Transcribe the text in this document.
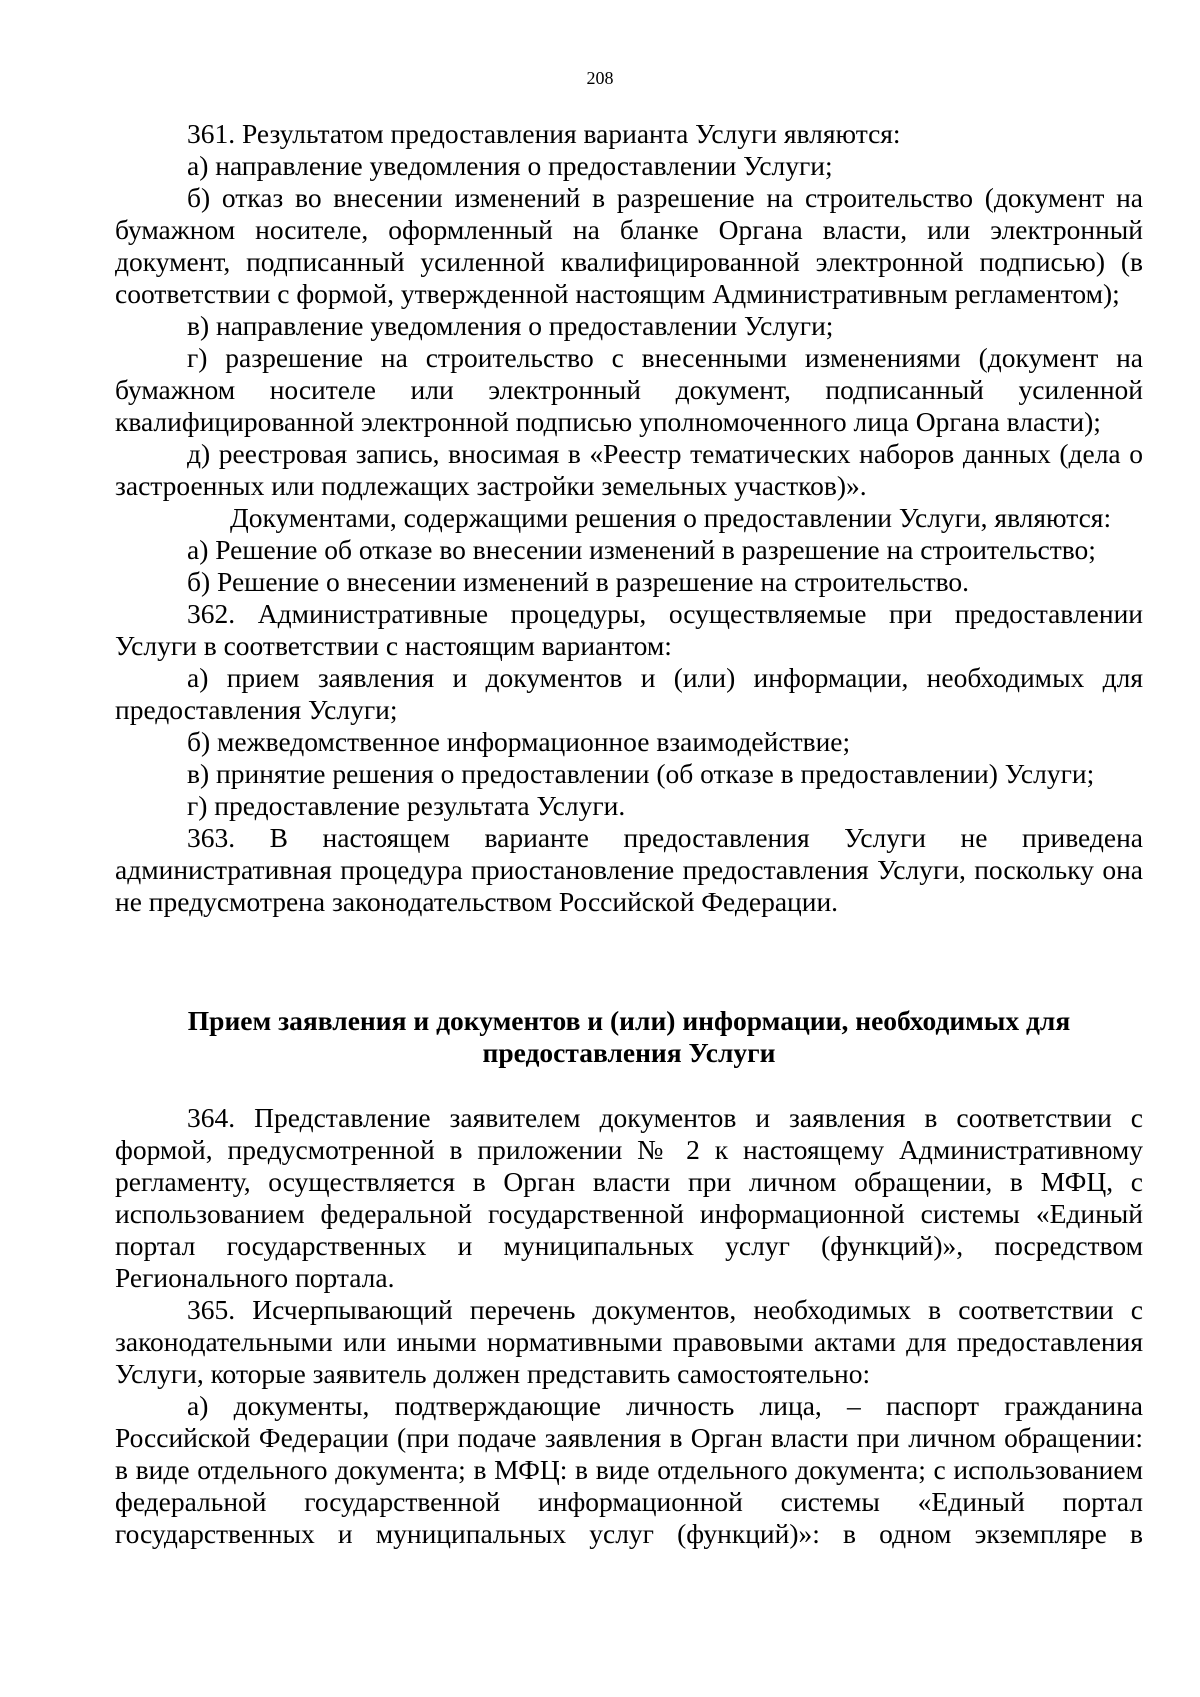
208

361. Результатом предоставления варианта Услуги являются:

а) направление уведомления о предоставлении Услуги;

б) отказ во внесении изменений в разрешение на строительство (документ на бумажном носителе, оформленный на бланке Органа власти, или электронный документ, подписанный усиленной квалифицированной электронной подписью) (в соответствии с формой, утвержденной настоящим Административным регламентом);

в) направление уведомления о предоставлении Услуги;

г) разрешение на строительство с внесенными изменениями (документ на бумажном носителе или электронный документ, подписанный усиленной квалифицированной электронной подписью уполномоченного лица Органа власти);

д) реестровая запись, вносимая в «Реестр тематических наборов данных (дела о застроенных или подлежащих застройки земельных участков)».

Документами, содержащими решения о предоставлении Услуги, являются:

а) Решение об отказе во внесении изменений в разрешение на строительство;

б) Решение о внесении изменений в разрешение на строительство.

362. Административные процедуры, осуществляемые при предоставлении Услуги в соответствии с настоящим вариантом:

а) прием заявления и документов и (или) информации, необходимых для предоставления Услуги;

б) межведомственное информационное взаимодействие;

в) принятие решения о предоставлении (об отказе в предоставлении) Услуги;

г) предоставление результата Услуги.

363. В настоящем варианте предоставления Услуги не приведена административная процедура приостановление предоставления Услуги, поскольку она не предусмотрена законодательством Российской Федерации.

Прием заявления и документов и (или) информации, необходимых для предоставления Услуги

364. Представление заявителем документов и заявления в соответствии с формой, предусмотренной в приложении № 2 к настоящему Административному регламенту, осуществляется в Орган власти при личном обращении, в МФЦ, с использованием федеральной государственной информационной системы «Единый портал государственных и муниципальных услуг (функций)», посредством Регионального портала.

365. Исчерпывающий перечень документов, необходимых в соответствии с законодательными или иными нормативными правовыми актами для предоставления Услуги, которые заявитель должен представить самостоятельно:

а) документы, подтверждающие личность лица, – паспорт гражданина Российской Федерации (при подаче заявления в Орган власти при личном обращении: в виде отдельного документа; в МФЦ: в виде отдельного документа; с использованием федеральной государственной информационной системы «Единый портал государственных и муниципальных услуг (функций)»: в одном экземпляре в
